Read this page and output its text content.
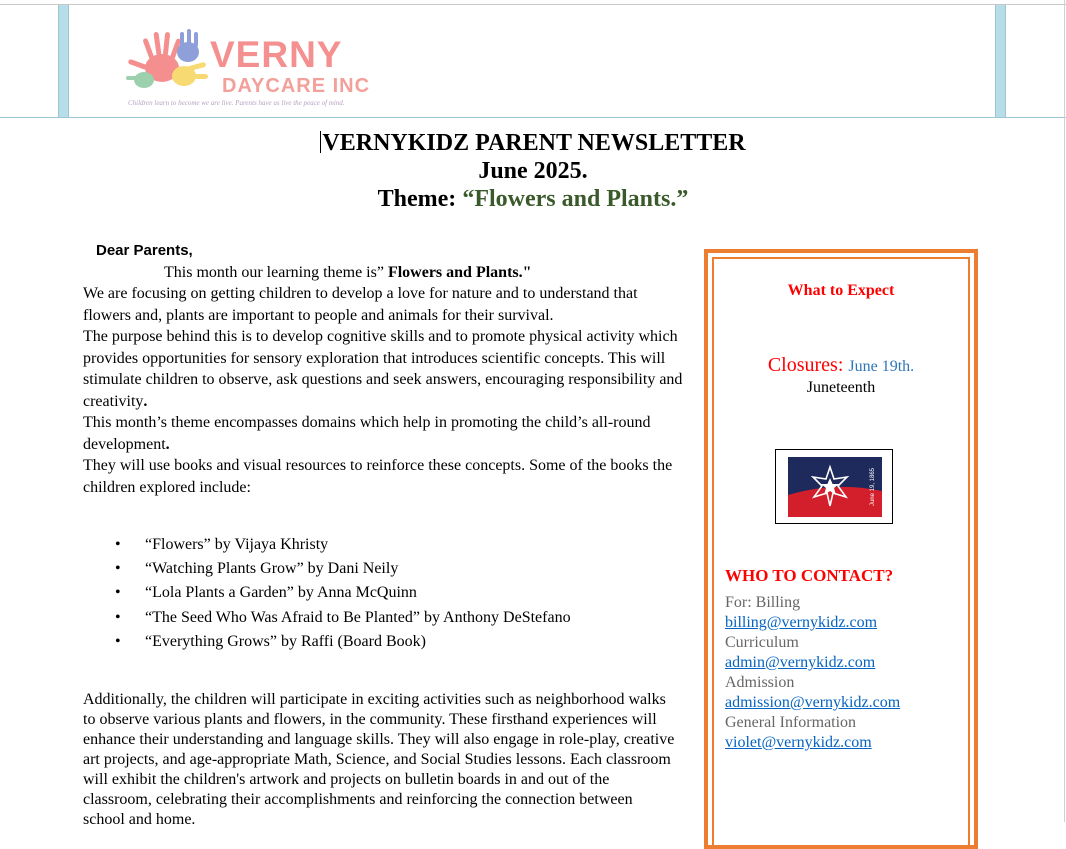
VERNY
DAYCARE INC
Children learn to become we are live. Parents have us live the peace of mind.
VERNYKIDZ PARENT NEWSLETTER
June 2025.
Theme: “Flowers and Plants.”

Dear Parents,

This month our learning theme is” Flowers and Plants."

We are focusing on getting children to develop a love for nature and to understand that flowers and, plants are important to people and animals for their survival.

The purpose behind this is to develop cognitive skills and to promote physical activity which provides opportunities for sensory exploration that introduces scientific concepts. This will stimulate children to observe, ask questions and seek answers, encouraging responsibility and creativity.

This month’s theme encompasses domains which help in promoting the child’s all-round development.

They will use books and visual resources to reinforce these concepts. Some of the books the children explored include:

• “Flowers” by Vijaya Khristy
• “Watching Plants Grow” by Dani Neily
• “Lola Plants a Garden” by Anna McQuinn
• “The Seed Who Was Afraid to Be Planted” by Anthony DeStefano
• “Everything Grows” by Raffi (Board Book)
Additionally, the children will participate in exciting activities such as neighborhood walks to observe various plants and flowers, in the community. These firsthand experiences will enhance their understanding and language skills. They will also engage in role-play, creative art projects, and age-appropriate Math, Science, and Social Studies lessons. Each classroom will exhibit the children's artwork and projects on bulletin boards in and out of the classroom, celebrating their accomplishments and reinforcing the connection between school and home.
What to Expect
Closures: June 19th.
Juneteenth
June 19, 1865
WHO TO CONTACT?
For: Billing
billing@vernykidz.com
Curriculum
admin@vernykidz.com
Admission
admission@vernykidz.com
General Information
violet@vernykidz.com
